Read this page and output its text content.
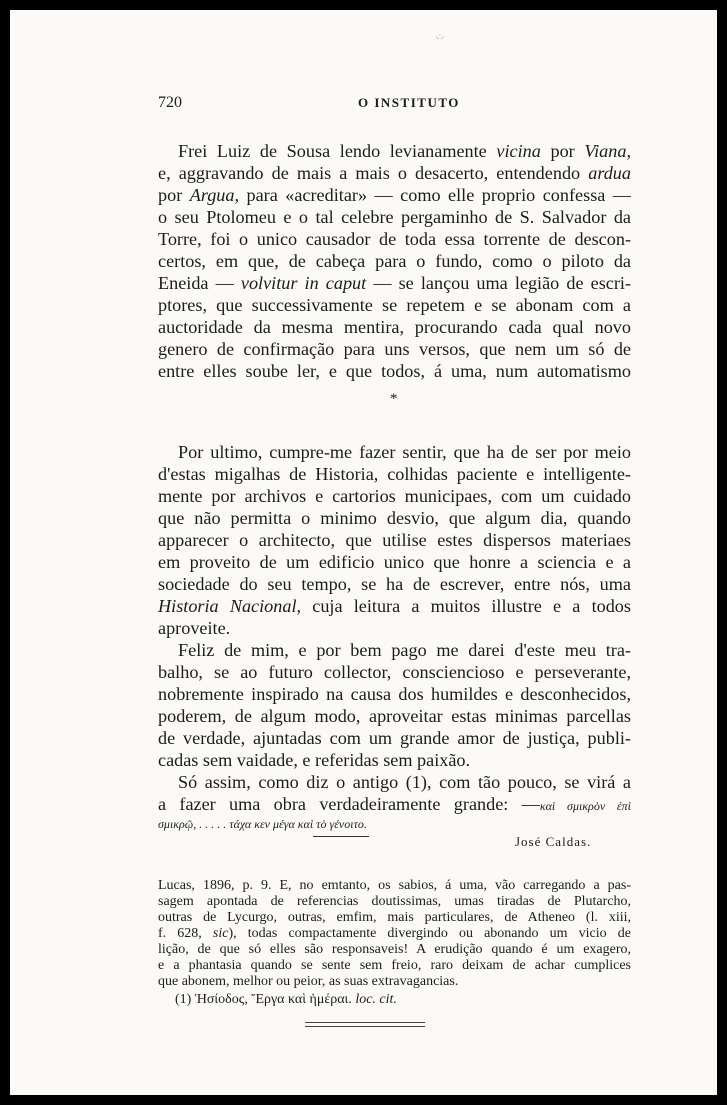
·∴·
720	O INSTITUTO
Frei Luiz de Sousa lendo levianamente vicina por Viana,
e, aggravando de mais a mais o desacerto, entendendo ardua
por Argua, para «acreditar» — como elle proprio confessa —
o seu Ptolomeu e o tal celebre pergaminho de S. Salvador da
Torre, foi o unico causador de toda essa torrente de descon-
certos, em que, de cabeça para o fundo, como o piloto da
Eneida — volvitur in caput — se lançou uma legião de escri-
ptores, que successivamente se repetem e se abonam com a
auctoridade da mesma mentira, procurando cada qual novo
genero de confirmação para uns versos, que nem um só de
entre elles soube ler, e que todos, á uma, num automatismo
*
Por ultimo, cumpre-me fazer sentir, que ha de ser por meio
d'estas migalhas de Historia, colhidas paciente e intelligente-
mente por archivos e cartorios municipaes, com um cuidado
que não permitta o minimo desvio, que algum dia, quando
apparecer o architecto, que utilise estes dispersos materiaes
em proveito de um edificio unico que honre a sciencia e a
sociedade do seu tempo, se ha de escrever, entre nós, uma
Historia Nacional, cuja leitura a muitos illustre e a todos
aproveite.
Feliz de mim, e por bem pago me darei d'este meu tra-
balho, se ao futuro collector, consciencioso e perseverante,
nobremente inspirado na causa dos humildes e desconhecidos,
poderem, de algum modo, aproveitar estas minimas parcellas
de verdade, ajuntadas com um grande amor de justiça, publi-
cadas sem vaidade, e referidas sem paixão.
Só assim, como diz o antigo (1), com tão pouco, se virá a
a fazer uma obra verdadeiramente grande: —καὶ σμικρὸν ἐπὶ
σμικρῷ, . . . . . τάχα κεν μέγα καὶ τὸ γένοιτο.
José Caldas.
Lucas, 1896, p. 9. E, no emtanto, os sabios, á uma, vão carregando a pas-
sagem apontada de referencias doutissimas, umas tiradas de Plutarcho,
outras de Lycurgo, outras, emfim, mais particulares, de Atheneo (l. xiii,
f. 628, sic), todas compactamente divergindo ou abonando um vicio de
lição, de que só elles são responsaveis! A erudição quando é um exagero,
e a phantasia quando se sente sem freio, raro deixam de achar cumplices
que abonem, melhor ou peior, as suas extravagancias.
(1) Ἡσίοδος, Ἔργα καὶ ἡμέραι. loc. cit.
